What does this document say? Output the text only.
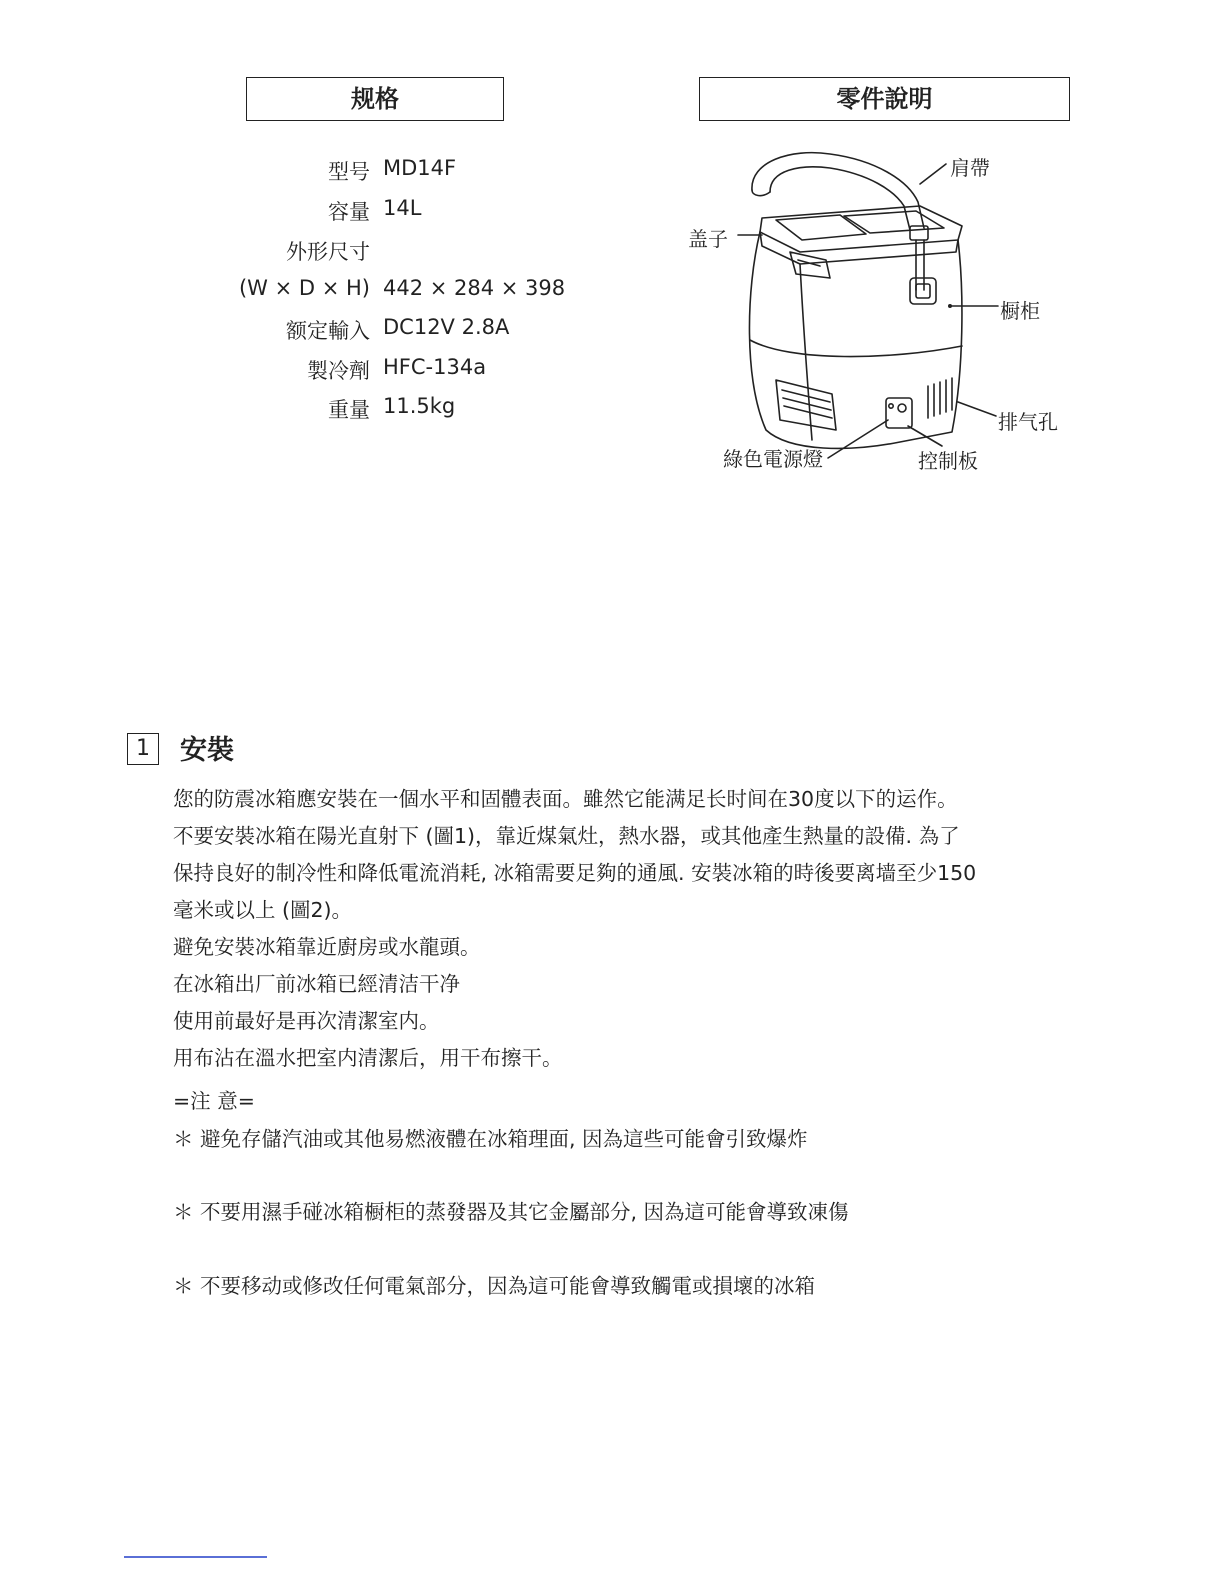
规格	零件說明
型号 MD14F
容量 14L
外形尺寸
(W × D × H) 442 × 284 × 398
额定輸入 DC12V 2.8A
製冷劑 HFC-134a
重量 11.5kg
肩帶
盖子
橱柜
排气孔
綠色電源燈	控制板
1	安裝
您的防震冰箱應安裝在一個水平和固體表面。雖然它能满足长时间在30度以下的运作。
不要安裝冰箱在陽光直射下 (圖1)，靠近煤氣灶，熱水器，或其他產生熱量的設備. 為了
保持良好的制冷性和降低電流消耗, 冰箱需要足夠的通風. 安裝冰箱的時後要离墙至少150
毫米或以上 (圖2)。
避免安裝冰箱靠近廚房或水龍頭。
在冰箱出厂前冰箱已經清洁干净
使用前最好是再次清潔室内。
用布沾在溫水把室内清潔后，用干布擦干。
=注 意=
＊ 避免存儲汽油或其他易燃液體在冰箱理面, 因為這些可能會引致爆炸
＊ 不要用濕手碰冰箱橱柜的蒸發器及其它金屬部分, 因為這可能會導致凍傷
＊ 不要移动或修改任何電氣部分，因為這可能會導致觸電或損壞的冰箱
